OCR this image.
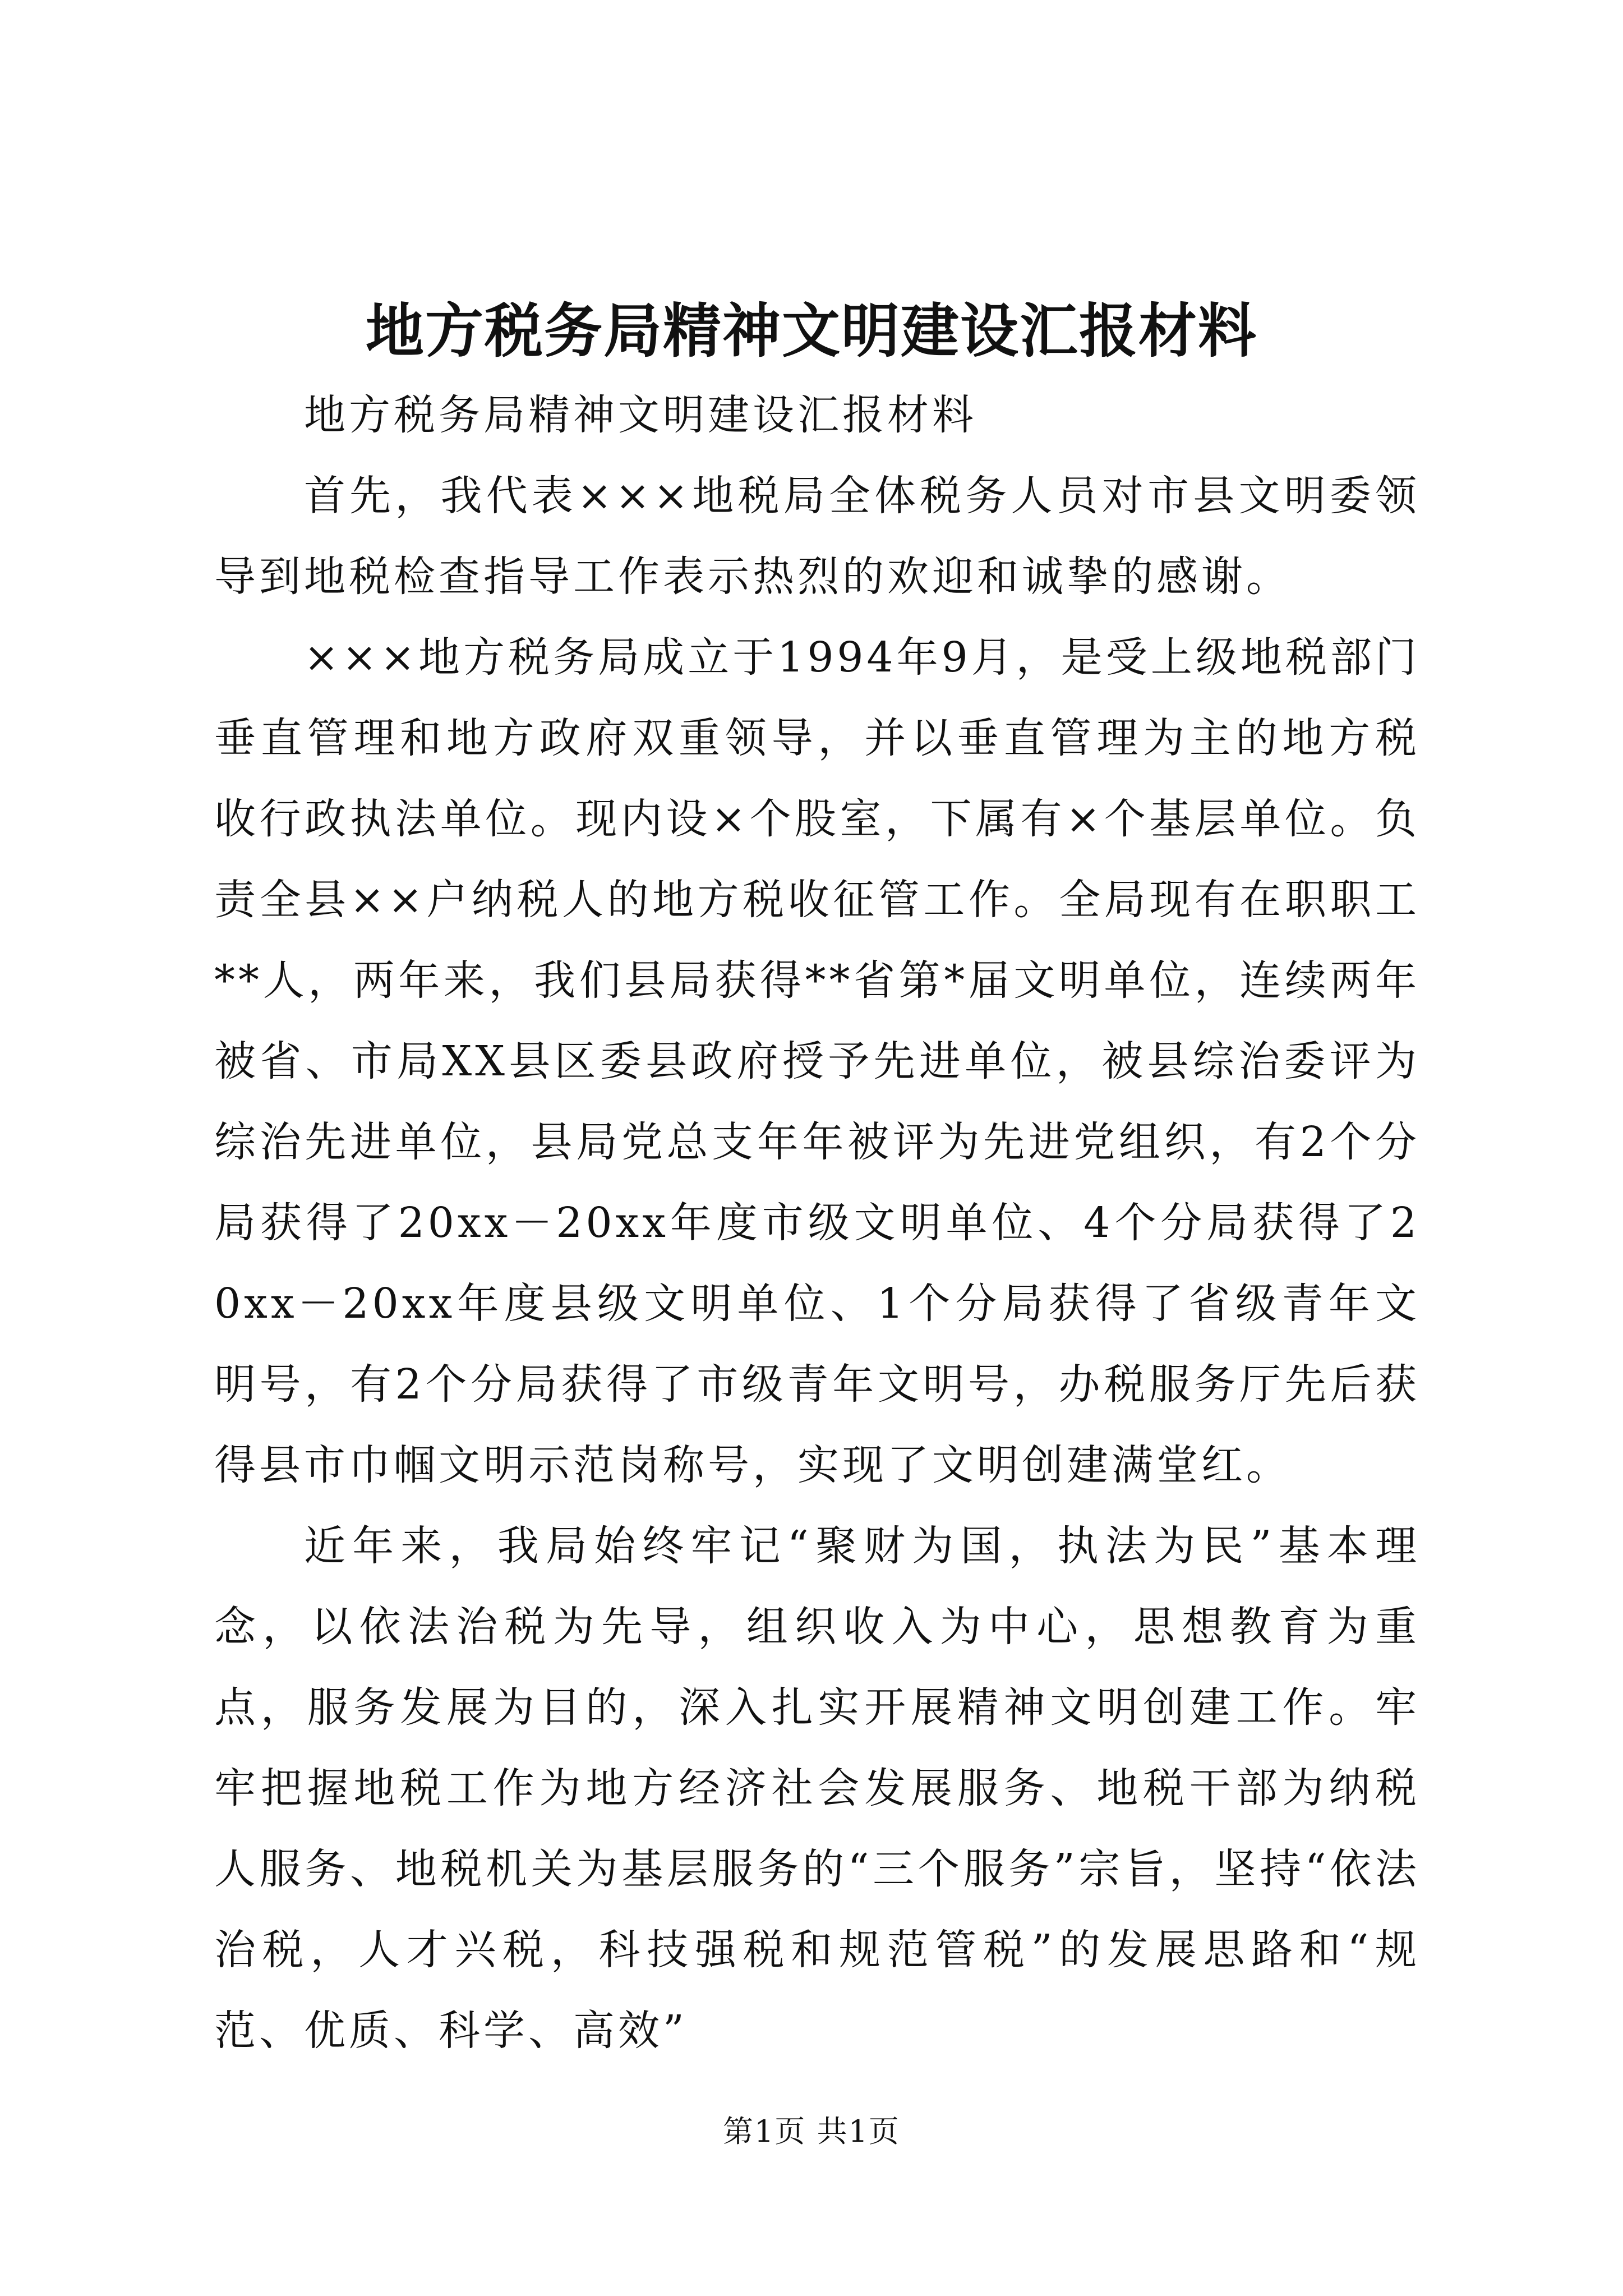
地方税务局精神文明建设汇报材料

地方税务局精神文明建设汇报材料

首先，我代表×××地税局全体税务人员对市县文明委领导到地税检查指导工作表示热烈的欢迎和诚挚的感谢。

×××地方税务局成立于1994年9月，是受上级地税部门垂直管理和地方政府双重领导，并以垂直管理为主的地方税收行政执法单位。现内设×个股室，下属有×个基层单位。负责全县××户纳税人的地方税收征管工作。全局现有在职职工**人，两年来，我们县局获得**省第*届文明单位，连续两年被省、市局XX县区委县政府授予先进单位，被县综治委评为综治先进单位，县局党总支年年被评为先进党组织，有2个分局获得了20xx－20xx年度市级文明单位、4个分局获得了20xx－20xx年度县级文明单位、1个分局获得了省级青年文明号，有2个分局获得了市级青年文明号，办税服务厅先后获得县市巾帼文明示范岗称号，实现了文明创建满堂红。

近年来，我局始终牢记“聚财为国，执法为民”基本理念，以依法治税为先导，组织收入为中心，思想教育为重点，服务发展为目的，深入扎实开展精神文明创建工作。牢牢把握地税工作为地方经济社会发展服务、地税干部为纳税人服务、地税机关为基层服务的“三个服务”宗旨，坚持“依法治税，人才兴税，科技强税和规范管税”的发展思路和“规范、优质、科学、高效”

第1页 共1页
